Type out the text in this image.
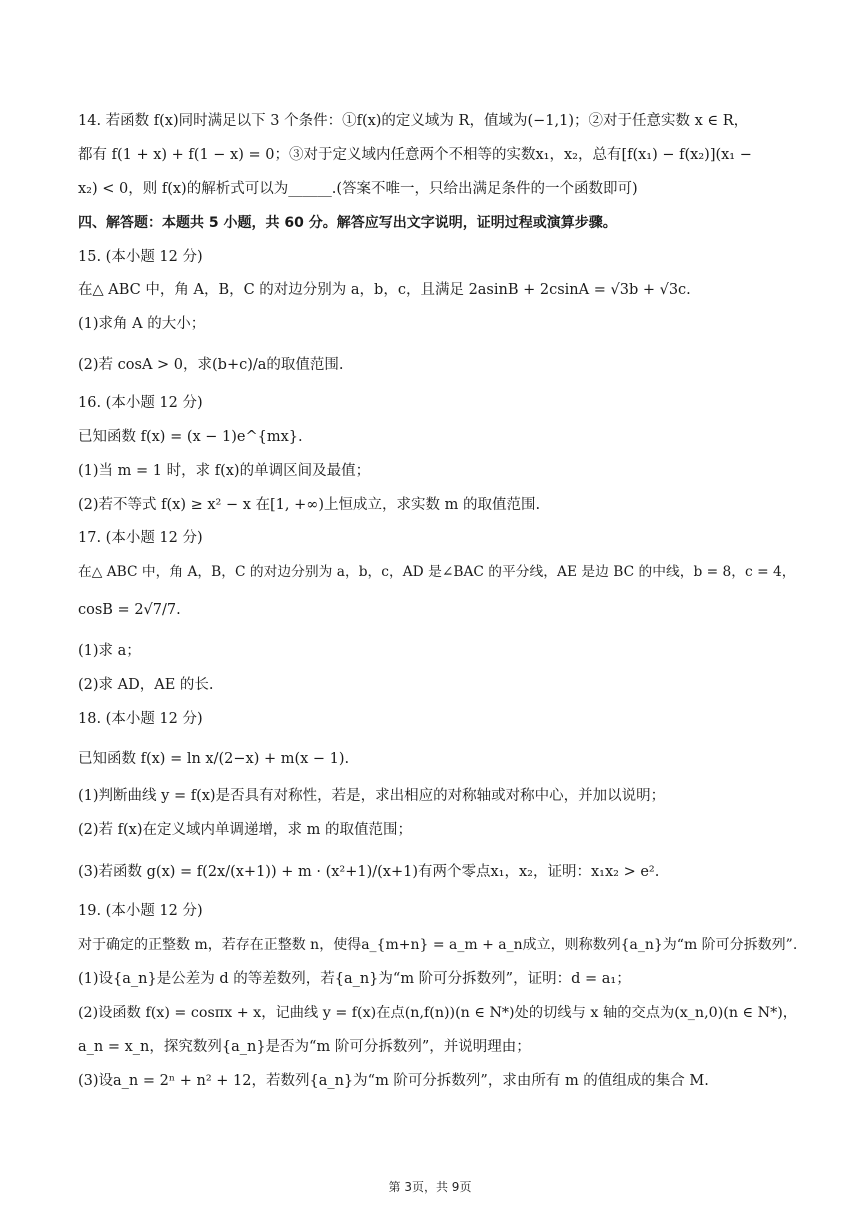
14. 若函数 f(x)同时满足以下 3 个条件：①f(x)的定义域为 R，值域为(−1,1)；②对于任意实数 x ∈ R，
都有 f(1 + x) + f(1 − x) = 0；③对于定义域内任意两个不相等的实数x₁，x₂，总有[f(x₁) − f(x₂)](x₁ −
x₂) < 0，则 f(x)的解析式可以为______.(答案不唯一，只给出满足条件的一个函数即可)
四、解答题：本题共 5 小题，共 60 分。解答应写出文字说明，证明过程或演算步骤。
15. (本小题 12 分)
在△ ABC 中，角 A，B，C 的对边分别为 a，b，c，且满足 2asinB + 2csinA = √3b + √3c.
(1)求角 A 的大小；
(2)若 cosA > 0，求(b+c)/a的取值范围.
16. (本小题 12 分)
已知函数 f(x) = (x − 1)e^{mx}.
(1)当 m = 1 时，求 f(x)的单调区间及最值；
(2)若不等式 f(x) ≥ x² − x 在[1, +∞)上恒成立，求实数 m 的取值范围.
17. (本小题 12 分)
在△ ABC 中，角 A，B，C 的对边分别为 a，b，c，AD 是∠BAC 的平分线，AE 是边 BC 的中线，b = 8，c = 4，
cosB = 2√7/7.
(1)求 a；
(2)求 AD，AE 的长.
18. (本小题 12 分)
已知函数 f(x) = ln x/(2−x) + m(x − 1).
(1)判断曲线 y = f(x)是否具有对称性，若是，求出相应的对称轴或对称中心，并加以说明；
(2)若 f(x)在定义域内单调递增，求 m 的取值范围；
(3)若函数 g(x) = f(2x/(x+1)) + m · (x²+1)/(x+1)有两个零点x₁，x₂，证明：x₁x₂ > e².
19. (本小题 12 分)
对于确定的正整数 m，若存在正整数 n，使得a_{m+n} = a_m + a_n成立，则称数列{a_n}为“m 阶可分拆数列”.
(1)设{a_n}是公差为 d 的等差数列，若{a_n}为“m 阶可分拆数列”，证明：d = a₁；
(2)设函数 f(x) = cosπx + x，记曲线 y = f(x)在点(n,f(n))(n ∈ N*)处的切线与 x 轴的交点为(x_n,0)(n ∈ N*)，
a_n = x_n，探究数列{a_n}是否为“m 阶可分拆数列”，并说明理由；
(3)设a_n = 2ⁿ + n² + 12，若数列{a_n}为“m 阶可分拆数列”，求由所有 m 的值组成的集合 M.
第 3页，共 9页
